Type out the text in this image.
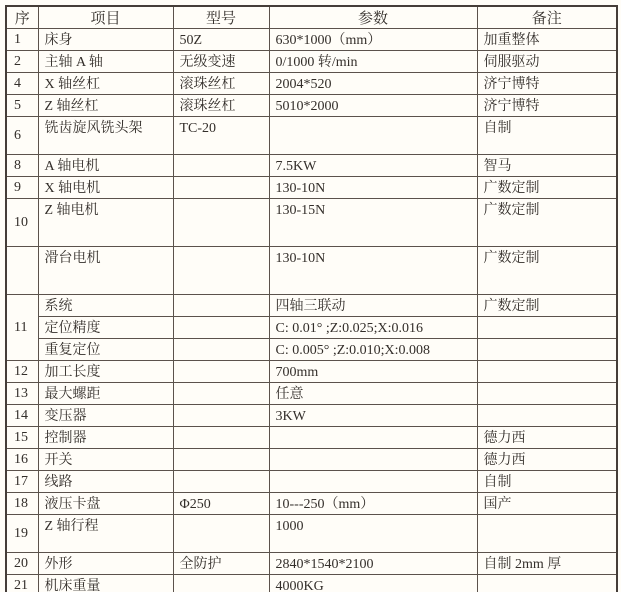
序	项目	型号	参数	备注
1	床身	50Z	630*1000（mm）	加重整体
2	主轴 A 轴	无级变速	0/1000 转/min	伺服驱动
4	X 轴丝杠	滚珠丝杠	2004*520	济宁博特
5	Z 轴丝杠	滚珠丝杠	5010*2000	济宁博特
6	铣齿旋风铣头架	TC-20		自制
8	A 轴电机		7.5KW	智马
9	X 轴电机		130-10N	广数定制
10	Z 轴电机		130-15N	广数定制
	滑台电机		130-10N	广数定制
11	系统		四轴三联动	广数定制
	定位精度		C: 0.01° ;Z:0.025;X:0.016	
	重复定位		C: 0.005° ;Z:0.010;X:0.008	
12	加工长度		700mm	
13	最大螺距		任意	
14	变压器		3KW	
15	控制器			德力西
16	开关			德力西
17	线路			自制
18	液压卡盘	Φ250	10---250（mm）	国产
19	Z 轴行程		1000	
20	外形	全防护	2840*1540*2100	自制 2mm 厚
21	机床重量		4000KG	
